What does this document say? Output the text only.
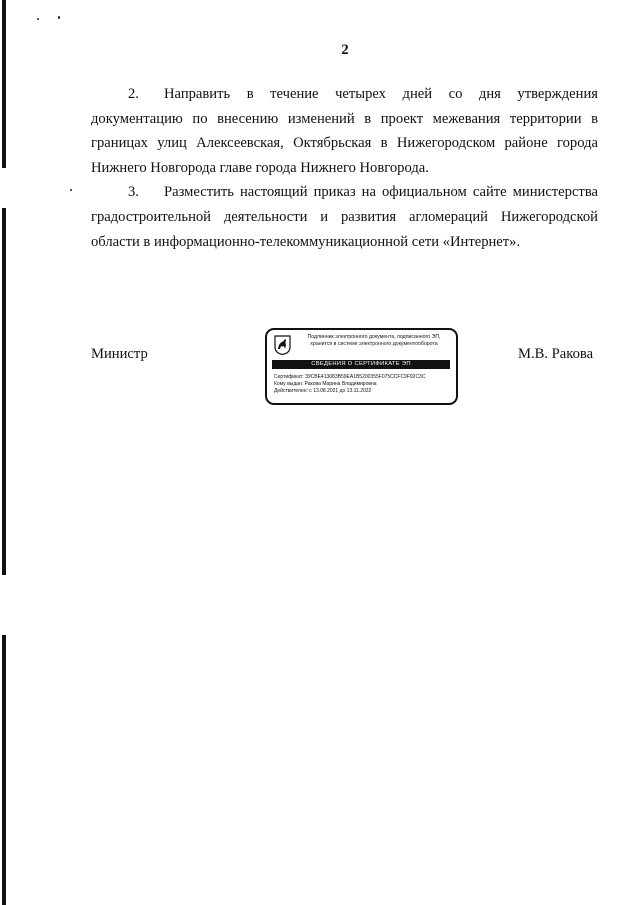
2

2. Направить в течение четырех дней со дня утверждения документацию по внесению изменений в проект межевания территории в границах улиц Алексеевская, Октябрьская в Нижегородском районе города Нижнего Новгорода главе города Нижнего Новгорода.

3. Разместить настоящий приказ на официальном сайте министерства градостроительной деятельности и развития агломераций Нижегородской области в информационно-телекоммуникационной сети «Интернет».

Министр
Подлинник электронного документа, подписанного ЭП,
хранится в системе электронного документооборота
СВЕДЕНИЯ О СЕРТИФИКАТЕ ЭП
Сертификат: 39CBE413083B59EA1B5200355F075CCFC9F92C3C
Кому выдан: Ракова Марина Владимировна
Действителен: с 13.08.2021 до 13.11.2022
М.В. Ракова
